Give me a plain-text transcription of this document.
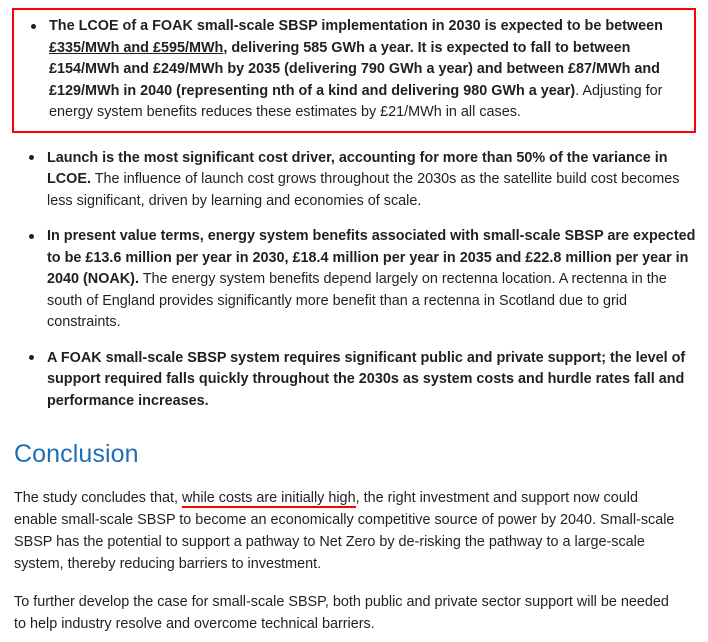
The LCOE of a FOAK small-scale SBSP implementation in 2030 is expected to be between £335/MWh and £595/MWh, delivering 585 GWh a year. It is expected to fall to between £154/MWh and £249/MWh by 2035 (delivering 790 GWh a year) and between £87/MWh and £129/MWh in 2040 (representing nth of a kind and delivering 980 GWh a year). Adjusting for energy system benefits reduces these estimates by £21/MWh in all cases.
Launch is the most significant cost driver, accounting for more than 50% of the variance in LCOE. The influence of launch cost grows throughout the 2030s as the satellite build cost becomes less significant, driven by learning and economies of scale.
In present value terms, energy system benefits associated with small-scale SBSP are expected to be £13.6 million per year in 2030, £18.4 million per year in 2035 and £22.8 million per year in 2040 (NOAK). The energy system benefits depend largely on rectenna location. A rectenna in the south of England provides significantly more benefit than a rectenna in Scotland due to grid constraints.
A FOAK small-scale SBSP system requires significant public and private support; the level of support required falls quickly throughout the 2030s as system costs and hurdle rates fall and performance increases.
Conclusion

The study concludes that, while costs are initially high, the right investment and support now could enable small-scale SBSP to become an economically competitive source of power by 2040. Small-scale SBSP has the potential to support a pathway to Net Zero by de-risking the pathway to a large-scale system, thereby reducing barriers to investment.

To further develop the case for small-scale SBSP, both public and private sector support will be needed to help industry resolve and overcome technical barriers.
